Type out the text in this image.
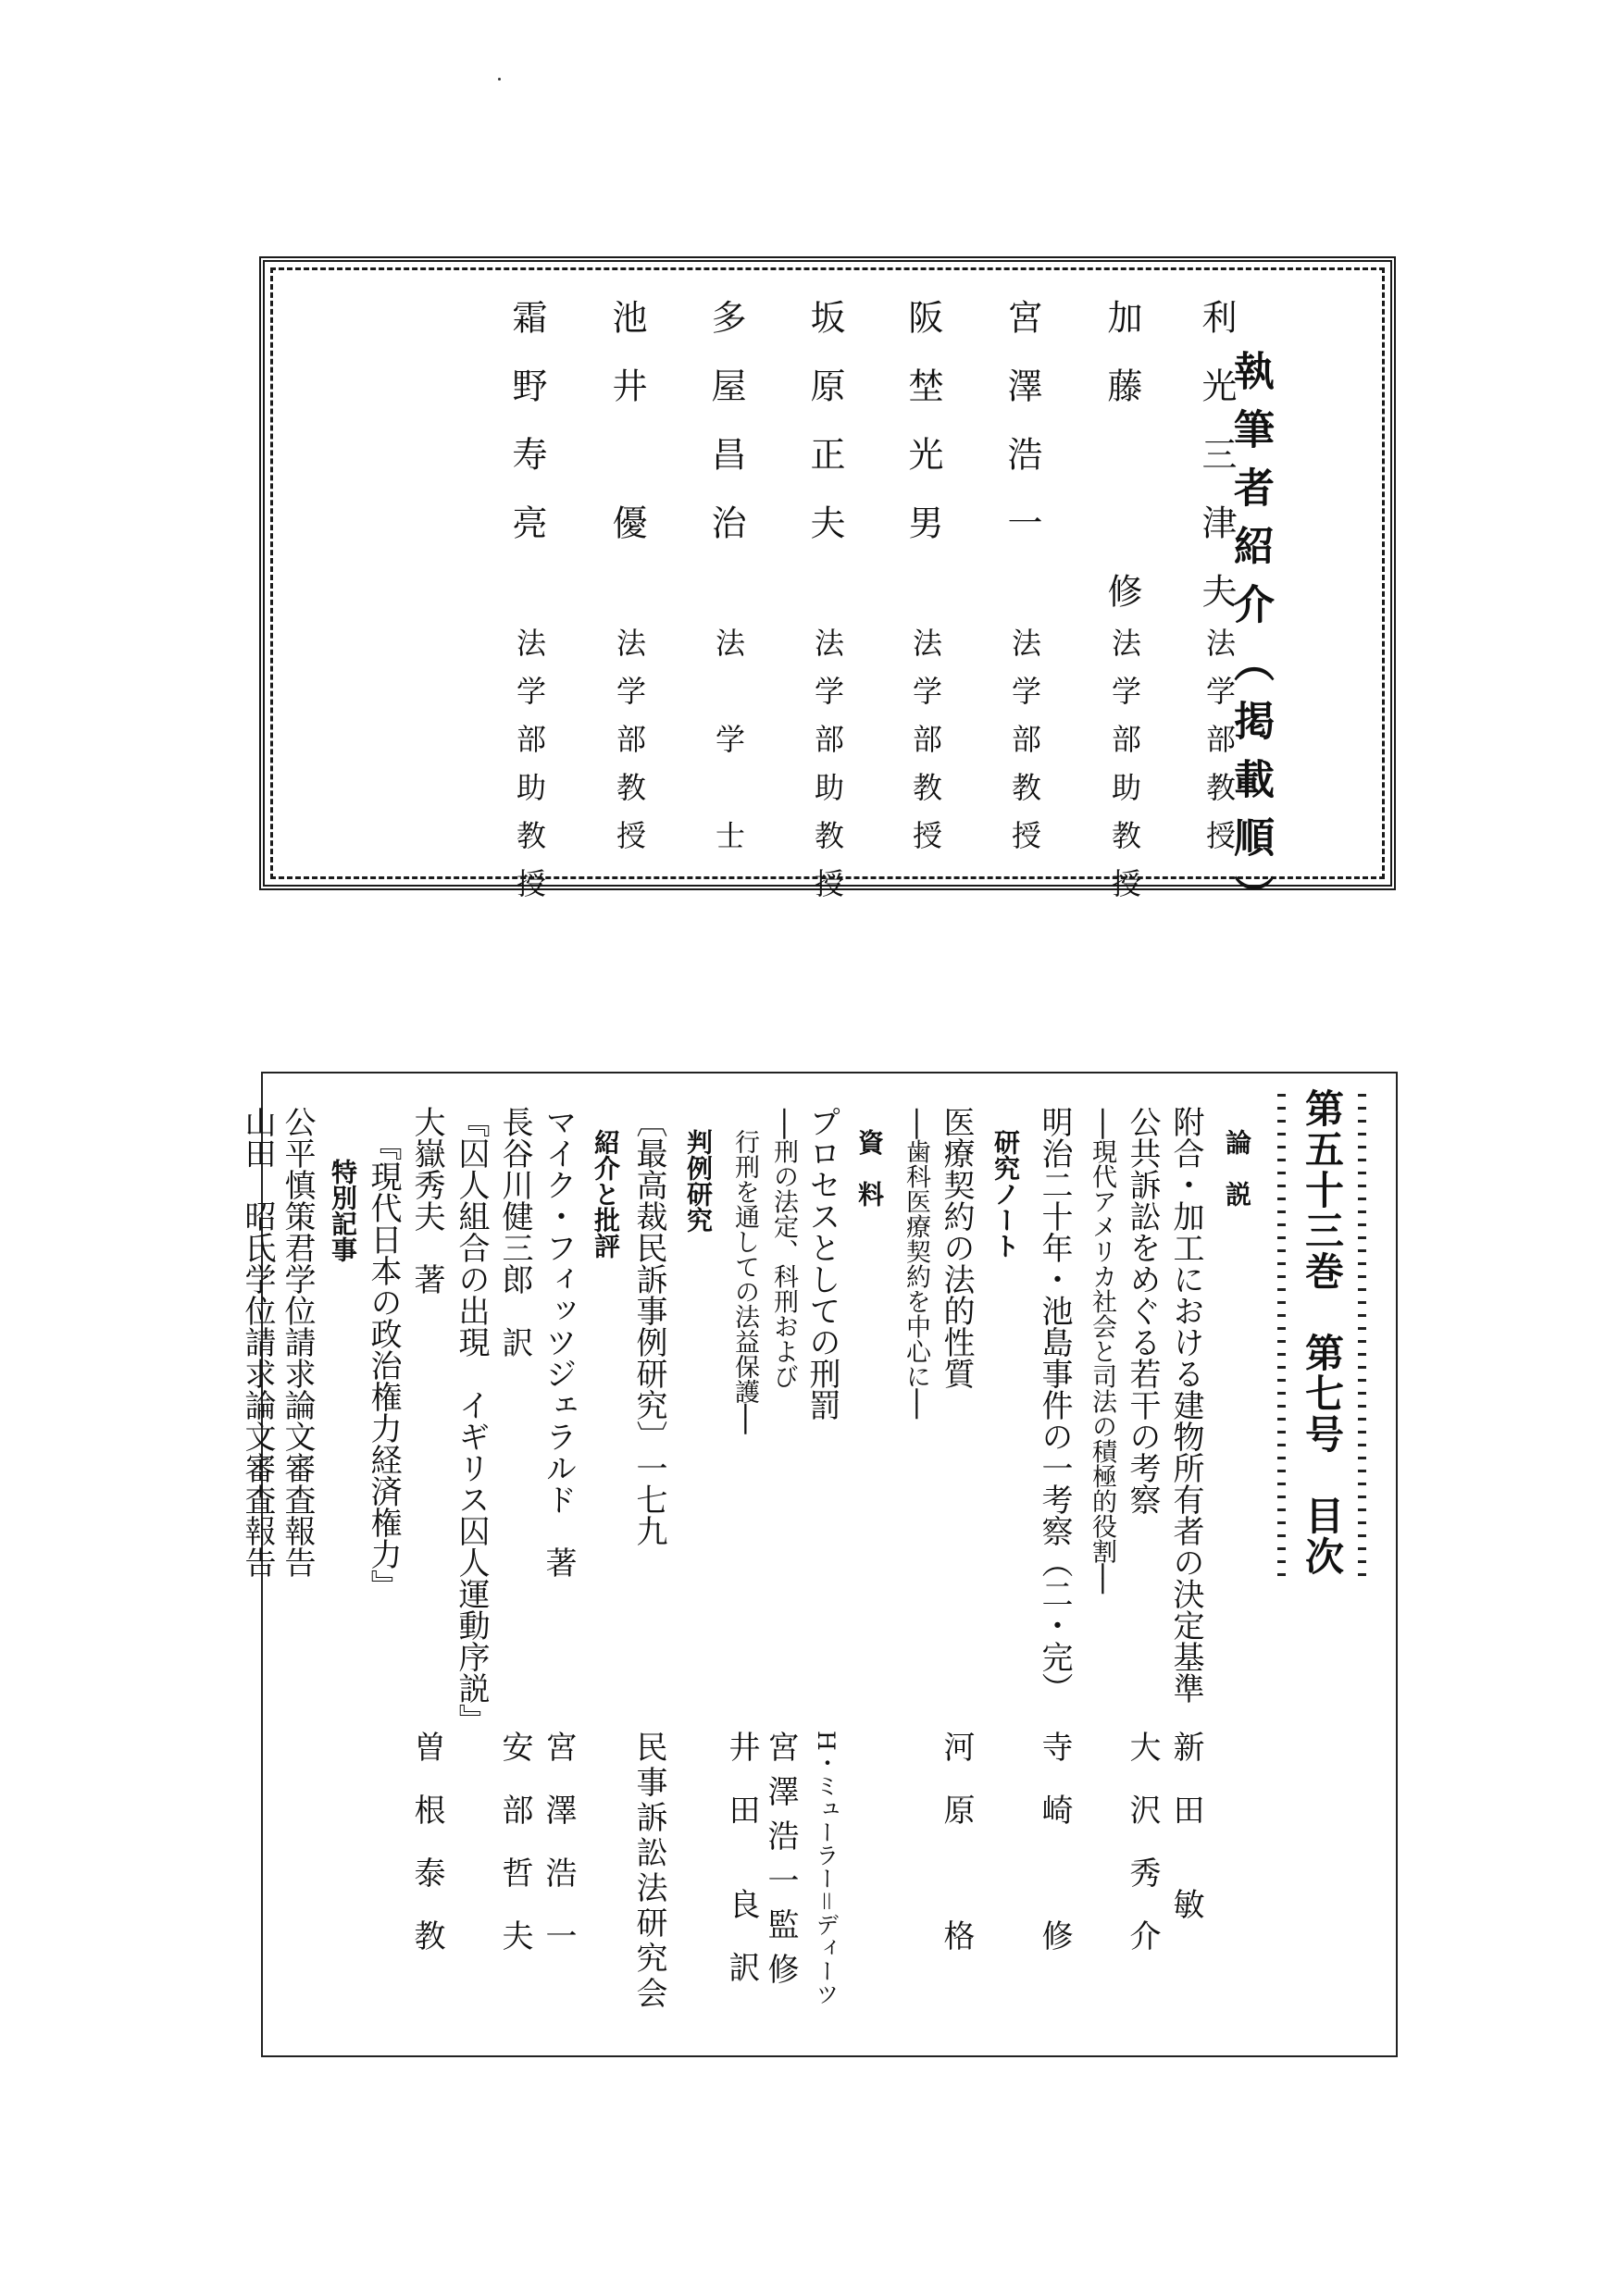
執筆者紹介（掲載順）
利光三津夫
法学部教授
加藤　　修
法学部助教授
宮澤浩一
法学部教授
阪埜光男
法学部教授
坂原正夫
法学部助教授
多屋昌治
法　学　士
池井　優
法学部教授
霜野寿亮
法学部助教授
第五十三巻　第七号　目次
論　説
附合・加工における建物所有者の決定基準
公共訴訟をめぐる若干の考察
──現代アメリカ社会と司法の積極的役割──
明治二十年・池島事件の一考察（二・完）
研究ノート
医療契約の法的性質
──歯科医療契約を中心に──
資　料
プロセスとしての刑罰
──刑の法定、科刑および
行刑を通しての法益保護──
判例研究
〔最高裁民訴事例研究〕一七九
紹介と批評
マイク・フィッツジェラルド　著
長谷川健三郎　訳
『囚人組合の出現　イギリス囚人運動序説』
大嶽秀夫　著
『現代日本の政治権力経済権力』
特別記事
公平慎策君学位請求論文審査報告
山田　昭氏学位請求論文審査報告
新　田　　敏
大　沢　秀　介
寺　崎　　　修
河　原　　　格
H・ミューラー＝ディーツ
宮澤浩一監修
井　田　　良　訳
民事訴訟法研究会
宮　澤　浩　一
安　部　哲　夫
曽　根　泰　教
